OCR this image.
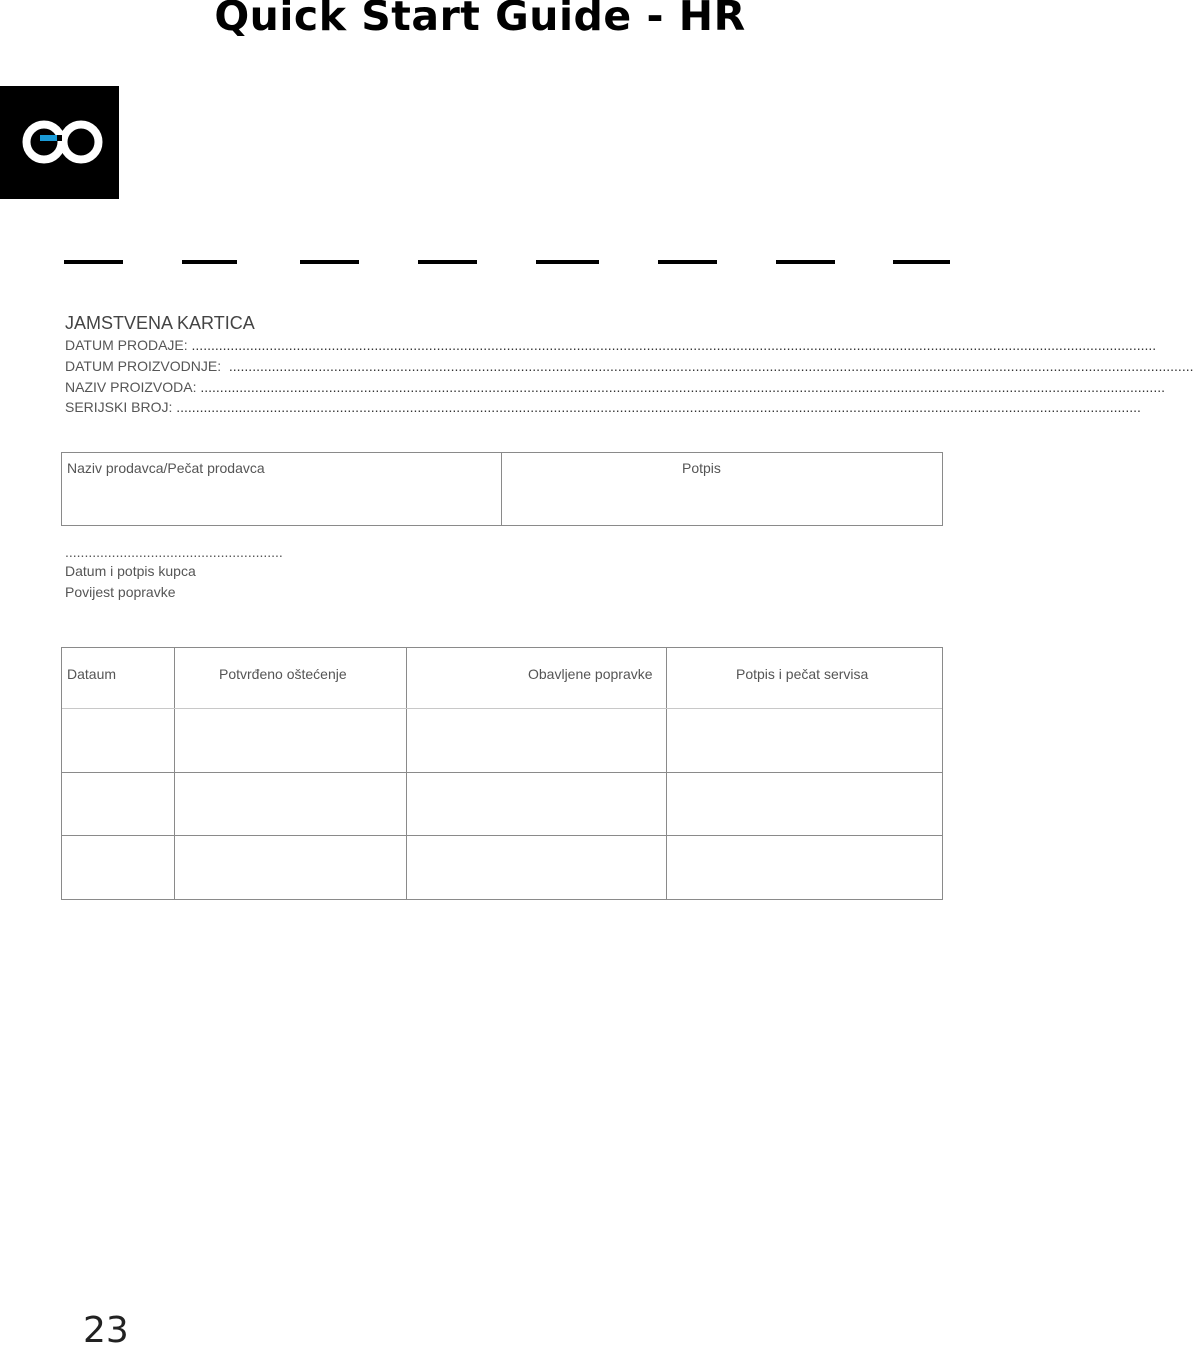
Quick Start Guide - HR
JAMSTVENA KARTICA
DATUM PRODAJE: ........................................................................................................................................................................................................................................................
DATUM PROIZVODNJE:  ........................................................................................................................................................................................................................................................
NAZIV PROIZVODA: ........................................................................................................................................................................................................................................................
SERIJSKI BROJ: ........................................................................................................................................................................................................................................................
Naziv prodavca/Pečat prodavca	Potpis
........................................................
Datum i potpis kupca
Povijest popravke
Dataum	Potvrđeno oštećenje	Obavljene popravke	Potpis i pečat servisa
23
